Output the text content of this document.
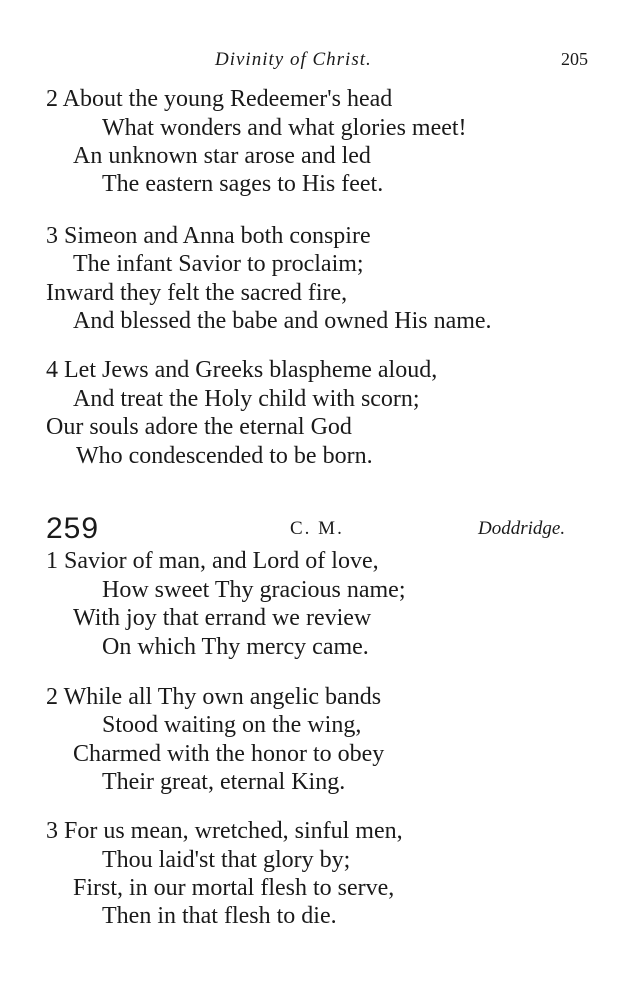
Divinity of Christ.	205
2 About the young Redeemer's head
What wonders and what glories meet!
An unknown star arose and led
The eastern sages to His feet.
3 Simeon and Anna both conspire
The infant Savior to proclaim;
Inward they felt the sacred fire,
And blessed the babe and owned His name.
4 Let Jews and Greeks blaspheme aloud,
And treat the Holy child with scorn;
Our souls adore the eternal God
Who condescended to be born.
259	C. M.	Doddridge.
1 Savior of man, and Lord of love,
How sweet Thy gracious name;
With joy that errand we review
On which Thy mercy came.
2 While all Thy own angelic bands
Stood waiting on the wing,
Charmed with the honor to obey
Their great, eternal King.
3 For us mean, wretched, sinful men,
Thou laid'st that glory by;
First, in our mortal flesh to serve,
Then in that flesh to die.
